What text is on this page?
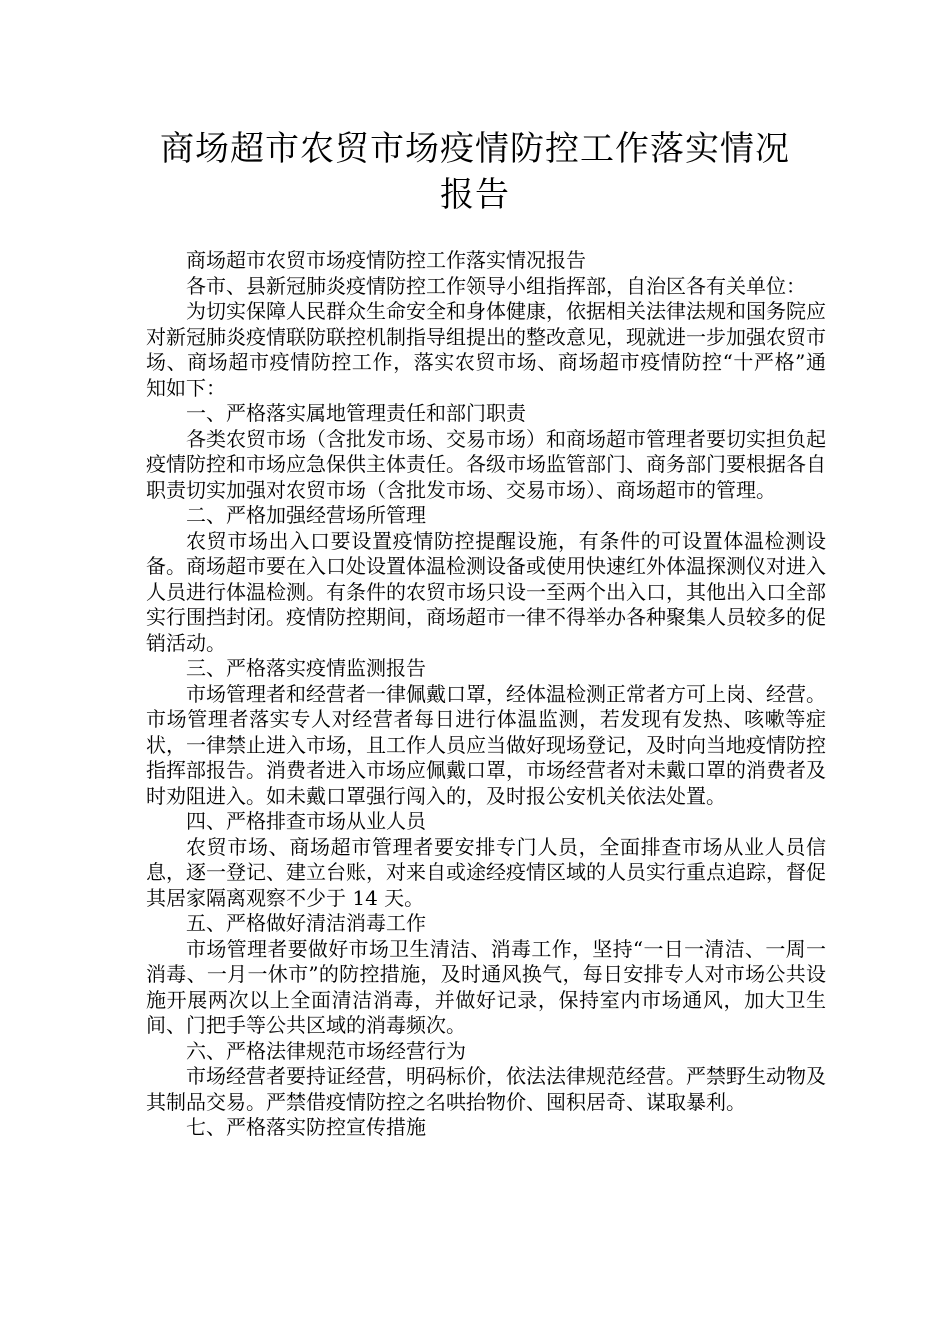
商场超市农贸市场疫情防控工作落实情况
报告

商场超市农贸市场疫情防控工作落实情况报告

各市、县新冠肺炎疫情防控工作领导小组指挥部，自治区各有关单位：

为切实保障人民群众生命安全和身体健康，依据相关法律法规和国务院应对新冠肺炎疫情联防联控机制指导组提出的整改意见，现就进一步加强农贸市场、商场超市疫情防控工作，落实农贸市场、商场超市疫情防控“十严格”通知如下：

一、严格落实属地管理责任和部门职责

各类农贸市场（含批发市场、交易市场）和商场超市管理者要切实担负起疫情防控和市场应急保供主体责任。各级市场监管部门、商务部门要根据各自职责切实加强对农贸市场（含批发市场、交易市场）、商场超市的管理。

二、严格加强经营场所管理

农贸市场出入口要设置疫情防控提醒设施，有条件的可设置体温检测设备。商场超市要在入口处设置体温检测设备或使用快速红外体温探测仪对进入人员进行体温检测。有条件的农贸市场只设一至两个出入口，其他出入口全部实行围挡封闭。疫情防控期间，商场超市一律不得举办各种聚集人员较多的促销活动。

三、严格落实疫情监测报告

市场管理者和经营者一律佩戴口罩，经体温检测正常者方可上岗、经营。市场管理者落实专人对经营者每日进行体温监测，若发现有发热、咳嗽等症状，一律禁止进入市场，且工作人员应当做好现场登记，及时向当地疫情防控指挥部报告。消费者进入市场应佩戴口罩，市场经营者对未戴口罩的消费者及时劝阻进入。如未戴口罩强行闯入的，及时报公安机关依法处置。

四、严格排查市场从业人员

农贸市场、商场超市管理者要安排专门人员，全面排查市场从业人员信息，逐一登记、建立台账，对来自或途经疫情区域的人员实行重点追踪，督促其居家隔离观察不少于 14 天。

五、严格做好清洁消毒工作

市场管理者要做好市场卫生清洁、消毒工作，坚持“一日一清洁、一周一消毒、一月一休市”的防控措施，及时通风换气，每日安排专人对市场公共设施开展两次以上全面清洁消毒，并做好记录，保持室内市场通风，加大卫生间、门把手等公共区域的消毒频次。

六、严格法律规范市场经营行为

市场经营者要持证经营，明码标价，依法法律规范经营。严禁野生动物及其制品交易。严禁借疫情防控之名哄抬物价、囤积居奇、谋取暴利。

七、严格落实防控宣传措施
